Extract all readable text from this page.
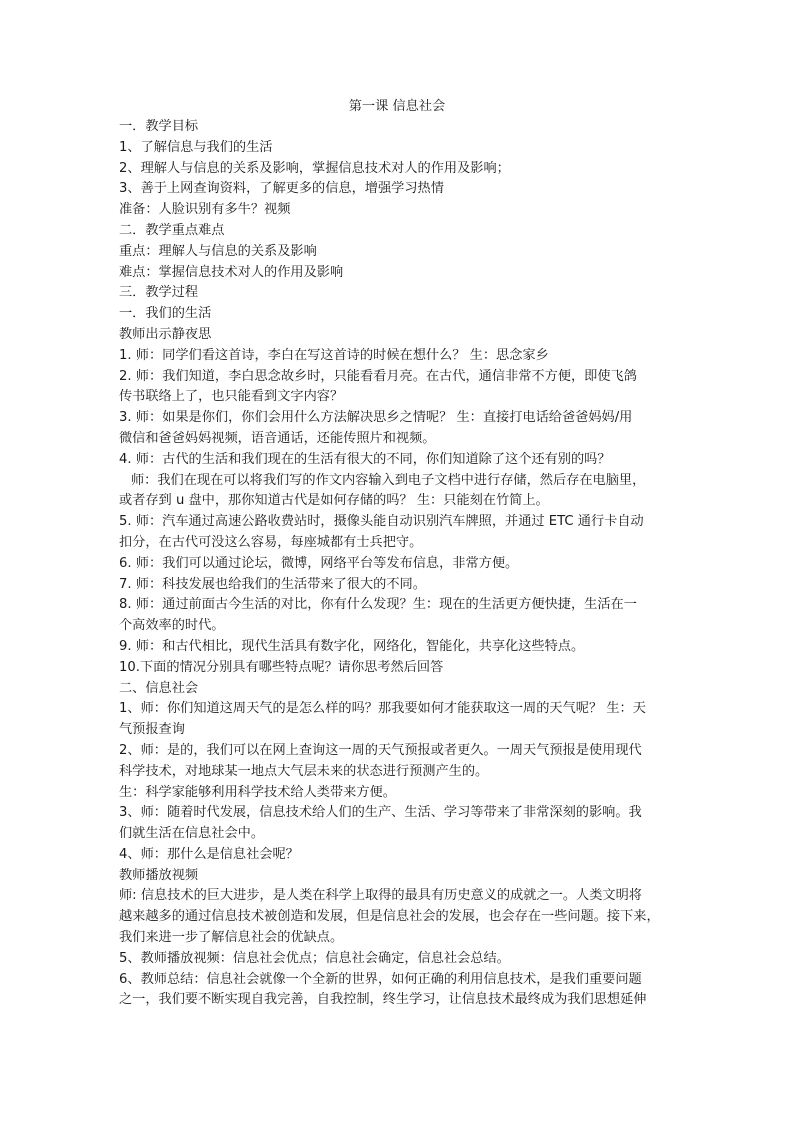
第一课 信息社会
一．教学目标
1、了解信息与我们的生活
2、理解人与信息的关系及影响，掌握信息技术对人的作用及影响；
3、善于上网查询资料，了解更多的信息，增强学习热情
准备：人脸识别有多牛？视频
二．教学重点难点
重点：理解人与信息的关系及影响
难点：掌握信息技术对人的作用及影响
三．教学过程
一．我们的生活
教师出示静夜思
1. 师：同学们看这首诗，李白在写这首诗的时候在想什么？ 生：思念家乡
2. 师：我们知道，李白思念故乡时，只能看看月亮。在古代，通信非常不方便，即使飞鸽
传书联络上了，也只能看到文字内容？
3. 师：如果是你们，你们会用什么方法解决思乡之情呢？ 生：直接打电话给爸爸妈妈/用
微信和爸爸妈妈视频，语音通话，还能传照片和视频。
4. 师：古代的生活和我们现在的生活有很大的不同，你们知道除了这个还有别的吗？
师：我们在现在可以将我们写的作文内容输入到电子文档中进行存储，然后存在电脑里，
或者存到 u 盘中，那你知道古代是如何存储的吗？ 生：只能刻在竹简上。
5. 师：汽车通过高速公路收费站时，摄像头能自动识别汽车牌照，并通过 ETC 通行卡自动
扣分，在古代可没这么容易，每座城都有士兵把守。
6. 师：我们可以通过论坛，微博，网络平台等发布信息，非常方便。
7. 师：科技发展也给我们的生活带来了很大的不同。
8. 师：通过前面古今生活的对比，你有什么发现？生：现在的生活更方便快捷，生活在一
个高效率的时代。
9. 师：和古代相比，现代生活具有数字化，网络化，智能化，共享化这些特点。
10.下面的情况分别具有哪些特点呢？请你思考然后回答
二、信息社会
1、师：你们知道这周天气的是怎么样的吗？那我要如何才能获取这一周的天气呢？ 生：天
气预报查询
2、师：是的，我们可以在网上查询这一周的天气预报或者更久。一周天气预报是使用现代
科学技术，对地球某一地点大气层未来的状态进行预测产生的。
生：科学家能够利用科学技术给人类带来方便。
3、师：随着时代发展，信息技术给人们的生产、生活、学习等带来了非常深刻的影响。我
们就生活在信息社会中。
4、师：那什么是信息社会呢？
教师播放视频
师: 信息技术的巨大进步，是人类在科学上取得的最具有历史意义的成就之一。人类文明将
越来越多的通过信息技术被创造和发展，但是信息社会的发展，也会存在一些问题。接下来，
我们来进一步了解信息社会的优缺点。
5、教师播放视频：信息社会优点；信息社会确定，信息社会总结。
6、教师总结：信息社会就像一个全新的世界，如何正确的利用信息技术，是我们重要问题
之一，我们要不断实现自我完善，自我控制，终生学习，让信息技术最终成为我们思想延伸
